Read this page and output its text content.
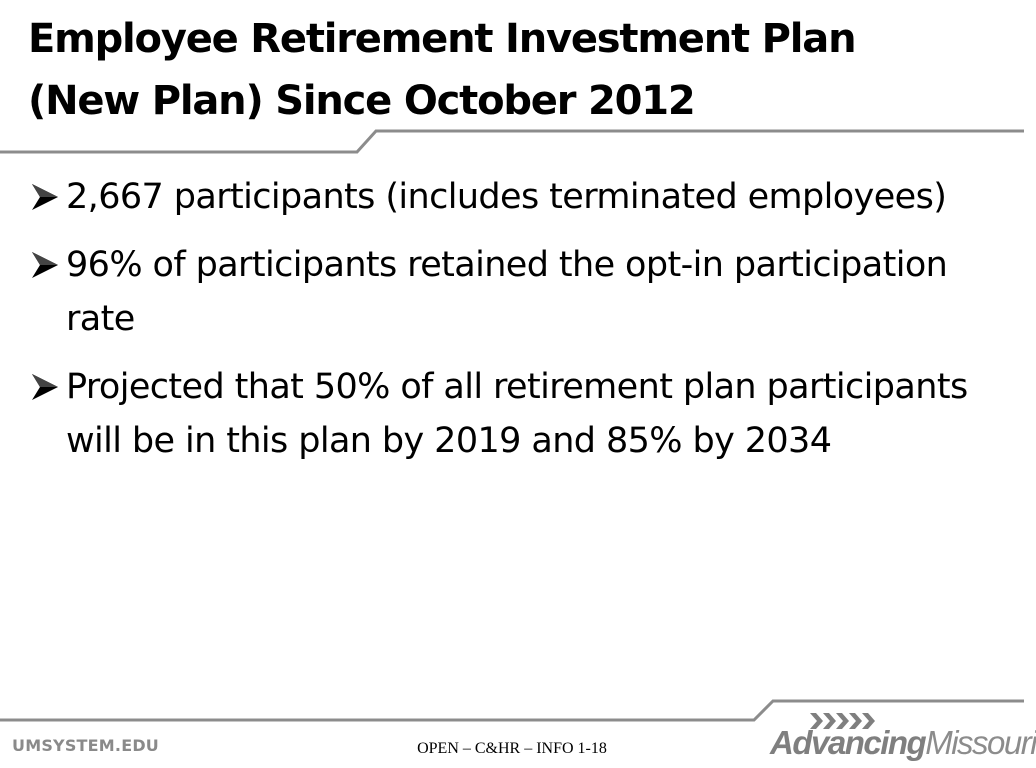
Employee Retirement Investment Plan
(New Plan) Since October 2012
2,667 participants (includes terminated employees)
96% of participants retained the opt-in participation rate
Projected that 50% of all retirement plan participants will be in this plan by 2019 and 85% by 2034
UMSYSTEM.EDU	OPEN – C&HR – INFO 1-18	AdvancingMissouri
